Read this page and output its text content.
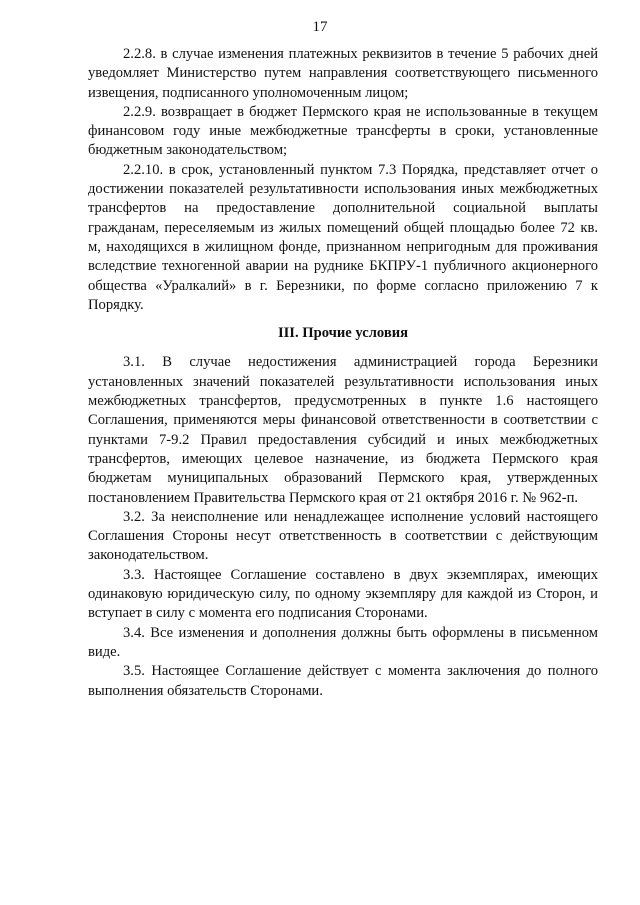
17

2.2.8. в случае изменения платежных реквизитов в течение 5 рабочих дней уведомляет Министерство путем направления соответствующего письменного извещения, подписанного уполномоченным лицом;

2.2.9. возвращает в бюджет Пермского края не использованные в текущем финансовом году иные межбюджетные трансферты в сроки, установленные бюджетным законодательством;

2.2.10. в срок, установленный пунктом 7.3 Порядка, представляет отчет о достижении показателей результативности использования иных межбюджетных трансфертов на предоставление дополнительной социальной выплаты гражданам, переселяемым из жилых помещений общей площадью более 72 кв. м, находящихся в жилищном фонде, признанном непригодным для проживания вследствие техногенной аварии на руднике БКПРУ-1 публичного акционерного общества «Уралкалий» в г. Березники, по форме согласно приложению 7 к Порядку.

III. Прочие условия

3.1. В случае недостижения администрацией города Березники установленных значений показателей результативности использования иных межбюджетных трансфертов, предусмотренных в пункте 1.6 настоящего Соглашения, применяются меры финансовой ответственности в соответствии с пунктами 7-9.2 Правил предоставления субсидий и иных межбюджетных трансфертов, имеющих целевое назначение, из бюджета Пермского края бюджетам муниципальных образований Пермского края, утвержденных постановлением Правительства Пермского края от 21 октября 2016 г. № 962-п.

3.2. За неисполнение или ненадлежащее исполнение условий настоящего Соглашения Стороны несут ответственность в соответствии с действующим законодательством.

3.3. Настоящее Соглашение составлено в двух экземплярах, имеющих одинаковую юридическую силу, по одному экземпляру для каждой из Сторон, и вступает в силу с момента его подписания Сторонами.

3.4. Все изменения и дополнения должны быть оформлены в письменном виде.

3.5. Настоящее Соглашение действует с момента заключения до полного выполнения обязательств Сторонами.
